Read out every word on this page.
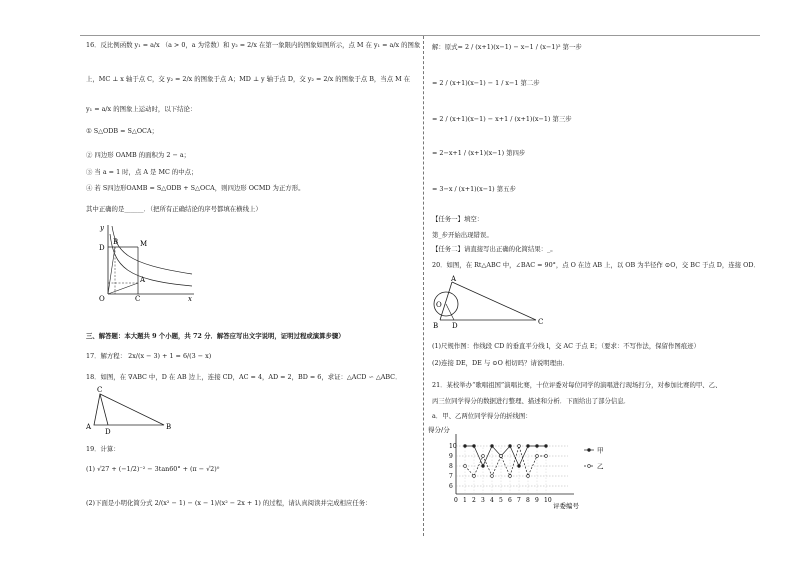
16．反比例函数 y₁ = a/x （a > 0，a 为常数）和 y₂ = 2/x 在第一象限内的图象如图所示，点 M 在 y₁ = a/x 的图象
上，MC ⊥ x 轴于点 C，交 y₂ = 2/x 的图象于点 A；MD ⊥ y 轴于点 D，交 y₂ = 2/x 的图象于点 B，当点 M 在
y₁ = a/x 的图象上运动时，以下结论：
① S△ODB = S△OCA；
② 四边形 OAMB 的面积为 2 − a；
③ 当 a = 1 时，点 A 是 MC 的中点；
④ 若 S四边形OAMB = S△ODB + S△OCA，则四边形 OCMD 为正方形。
其中正确的是______．（把所有正确结论的序号都填在横线上）
y
D
B	M
A
O	C	x
三、解答题：本大题共 9 个小题，共 72 分．解答应写出文字说明，证明过程或演算步骤）
17．解方程： 2x/(x − 3) + 1 = 6/(3 − x)
18．如图，在 ∇ABC 中，D 在 AB 边上，连接 CD，AC = 4，AD = 2，BD = 6，求证：△ACD ∽ △ABC．
C
A
D
B
19．计算：
(1) √27 + (−1/2)⁻² − 3tan60° + (π − √2)⁰
(2)下面是小明化简分式 2/(x² − 1) − (x − 1)/(x² − 2x + 1) 的过程，请认真阅读并完成相应任务：
解：原式= 2 / (x+1)(x−1) − x−1 / (x−1)² 第一步
= 2 / (x+1)(x−1) − 1 / x−1 第二步
= 2 / (x+1)(x−1) − x+1 / (x+1)(x−1) 第三步
= 2−x+1 / (x+1)(x−1) 第四步
= 3−x / (x+1)(x−1) 第五步
【任务一】填空：
第_步开始出现错误。
【任务二】请直接写出正确的化简结果：_。
20．如图，在 Rt△ABC 中，∠BAC = 90°，点 O 在边 AB 上，以 OB 为半径作 ⊙O，交 BC 于点 D，连接 OD．
A
O
B D	C
(1)尺规作图：作线段 CD 的垂直平分线 l，交 AC 于点 E；（要求：不写作法，保留作图痕迹）
(2)连接 DE，DE 与 ⊙O 相切吗？请说明理由．
21．某校举办“歌唱祖国”演唱比赛，十位评委对每位同学的演唱进行现场打分，对参加比赛的甲、乙、
丙三位同学得分的数据进行整理、描述和分析．下面给出了部分信息．
a．甲、乙两位同学得分的折线图：
得分/分
6
7
8
9
10
0 1 2 3 4 5 6 7 8 9 10
甲
乙
评委编号
